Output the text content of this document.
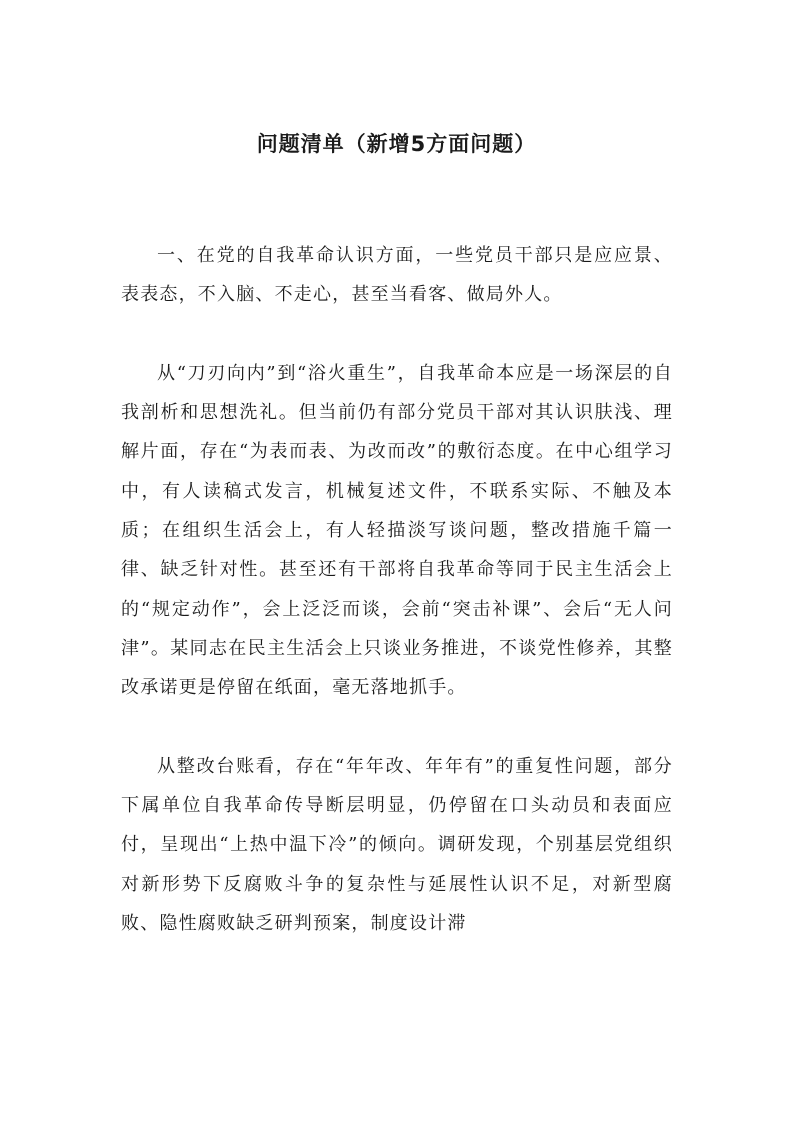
问题清单（新增5方面问题）

一、在党的自我革命认识方面，一些党员干部只是应应景、表表态，不入脑、不走心，甚至当看客、做局外人。

从“刀刃向内”到“浴火重生”，自我革命本应是一场深层的自我剖析和思想洗礼。但当前仍有部分党员干部对其认识肤浅、理解片面，存在“为表而表、为改而改”的敷衍态度。在中心组学习中，有人读稿式发言，机械复述文件，不联系实际、不触及本质；在组织生活会上，有人轻描淡写谈问题，整改措施千篇一律、缺乏针对性。甚至还有干部将自我革命等同于民主生活会上的“规定动作”，会上泛泛而谈，会前“突击补课”、会后“无人问津”。某同志在民主生活会上只谈业务推进，不谈党性修养，其整改承诺更是停留在纸面，毫无落地抓手。

从整改台账看，存在“年年改、年年有”的重复性问题，部分下属单位自我革命传导断层明显，仍停留在口头动员和表面应付，呈现出“上热中温下冷”的倾向。调研发现，个别基层党组织对新形势下反腐败斗争的复杂性与延展性认识不足，对新型腐败、隐性腐败缺乏研判预案，制度设计滞
